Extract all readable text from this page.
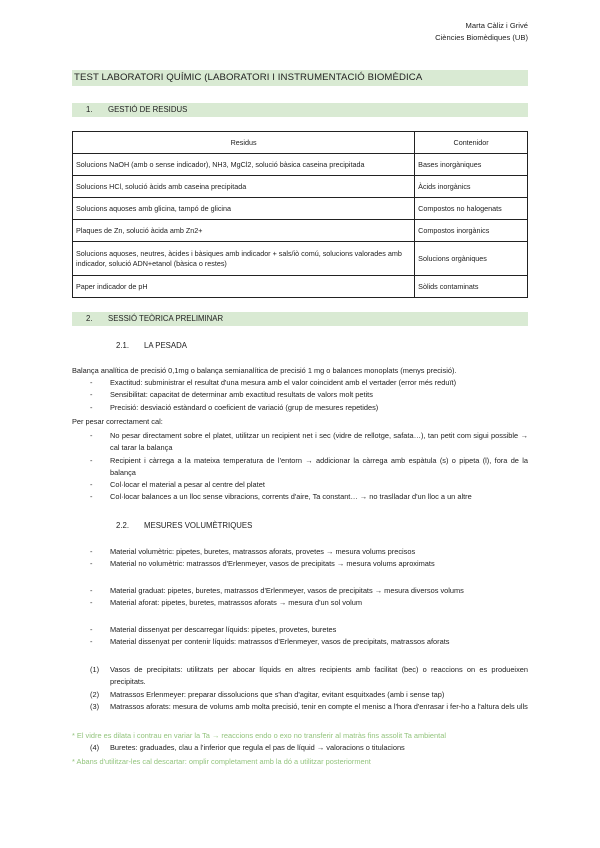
Marta Càliz i Grivé
Ciències Biomèdiques (UB)
TEST LABORATORI QUÍMIC (LABORATORI I INSTRUMENTACIÓ BIOMÈDICA
1. GESTIÓ DE RESIDUS
Residus	Contenidor
Solucions NaOH (amb o sense indicador), NH3, MgCl2, solució bàsica caseina precipitada	Bases inorgàniques
Solucions HCl, solució àcids amb caseina precipitada	Àcids inorgànics
Solucions aquoses amb glicina, tampó de glicina	Compostos no halogenats
Plaques de Zn, solució àcida amb Zn2+	Compostos inorgànics
Solucions aquoses, neutres, àcides i bàsiques amb indicador + sals/iò comú, solucions valorades amb indicador, solució ADN+etanol (bàsica o restes)	Solucions orgàniques
Paper indicador de pH	Sòlids contaminats
2. SESSIÓ TEÒRICA PRELIMINAR
2.1. LA PESADA
Balança analítica de precisió 0,1mg o balança semianalítica de precisió 1 mg o balances monoplats (menys precisió).
- Exactitud: subministrar el resultat d'una mesura amb el valor coincident amb el vertader (error més reduït)
- Sensibilitat: capacitat de determinar amb exactitud resultats de valors molt petits
- Precisió: desviació estàndard o coeficient de variació (grup de mesures repetides)
Per pesar correctament cal:
- No pesar directament sobre el platet, utilitzar un recipient net i sec (vidre de rellotge, safata…), tan petit com sigui possible → cal tarar la balança
- Recipient i càrrega a la mateixa temperatura de l'entorn → addicionar la càrrega amb espàtula (s) o pipeta (l), fora de la balança
- Col·locar el material a pesar al centre del platet
- Col·locar balances a un lloc sense vibracions, corrents d'aire, Ta constant… → no traslladar d'un lloc a un altre
2.2. MESURES VOLUMÈTRIQUES
- Material volumètric: pipetes, buretes, matrassos aforats, provetes → mesura volums precisos
- Material no volumètric: matrassos d'Erlenmeyer, vasos de precipitats → mesura volums aproximats
- Material graduat: pipetes, buretes, matrassos d'Erlenmeyer, vasos de precipitats → mesura diversos volums
- Material aforat: pipetes, buretes, matrassos aforats → mesura d'un sol volum
- Material dissenyat per descarregar líquids: pipetes, provetes, buretes
- Material dissenyat per contenir líquids: matrassos d'Erlenmeyer, vasos de precipitats, matrassos aforats
(1) Vasos de precipitats: utilitzats per abocar líquids en altres recipients amb facilitat (bec) o reaccions on es produeixen precipitats.
(2) Matrassos Erlenmeyer: preparar dissolucions que s'han d'agitar, evitant esquitxades (amb i sense tap)
(3) Matrassos aforats: mesura de volums amb molta precisió, tenir en compte el menisc a l'hora d'enrasar i fer-ho a l'altura dels ulls
* El vidre es dilata i contrau en variar la Ta → reaccions endo o exo no transferir al matràs fins assolit Ta ambiental
(4) Buretes: graduades, clau a l'inferior que regula el pas de líquid → valoracions o titulacions
* Abans d'utilitzar-les cal descartar: omplir completament amb la dó a utilitzar posteriorment
